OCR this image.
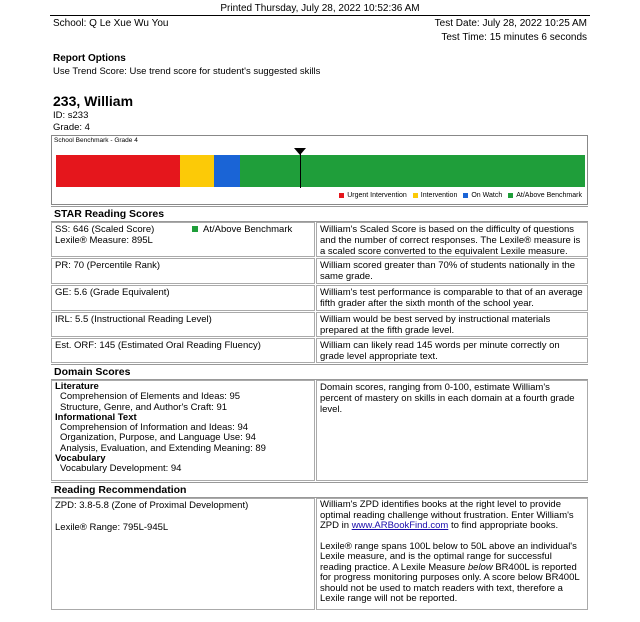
Printed Thursday, July 28, 2022 10:52:36 AM
School: Q Le Xue Wu You	Test Date: July 28, 2022 10:25 AM
Test Time: 15 minutes 6 seconds
Report Options
Use Trend Score: Use trend score for student's suggested skills
233, William
ID: s233
Grade: 4
School Benchmark - Grade 4
Urgent Intervention	Intervention	On Watch	At/Above Benchmark
STAR Reading Scores
SS: 646 (Scaled Score)	At/Above Benchmark
Lexile® Measure: 895L
William's Scaled Score is based on the difficulty of questions and the number of correct responses. The Lexile® measure is a scaled score converted to the equivalent Lexile measure.
PR: 70 (Percentile Rank)	William scored greater than 70% of students nationally in the same grade.
GE: 5.6 (Grade Equivalent)	William's test performance is comparable to that of an average fifth grader after the sixth month of the school year.
IRL: 5.5 (Instructional Reading Level)	William would be best served by instructional materials prepared at the fifth grade level.
Est. ORF: 145 (Estimated Oral Reading Fluency)	William can likely read 145 words per minute correctly on grade level appropriate text.
Domain Scores
Literature
Comprehension of Elements and Ideas: 95
Structure, Genre, and Author's Craft: 91
Informational Text
Comprehension of Information and Ideas: 94
Organization, Purpose, and Language Use: 94
Analysis, Evaluation, and Extending Meaning: 89
Vocabulary
Vocabulary Development: 94
Domain scores, ranging from 0-100, estimate William's percent of mastery on skills in each domain at a fourth grade level.
Reading Recommendation
ZPD: 3.8-5.8 (Zone of Proximal Development)
Lexile® Range: 795L-945L
William's ZPD identifies books at the right level to provide optimal reading challenge without frustration. Enter William's ZPD in www.ARBookFind.com to find appropriate books.
Lexile® range spans 100L below to 50L above an individual's Lexile measure, and is the optimal range for successful reading practice. A Lexile Measure below BR400L is reported for progress monitoring purposes only. A score below BR400L should not be used to match readers with text, therefore a Lexile range will not be reported.
